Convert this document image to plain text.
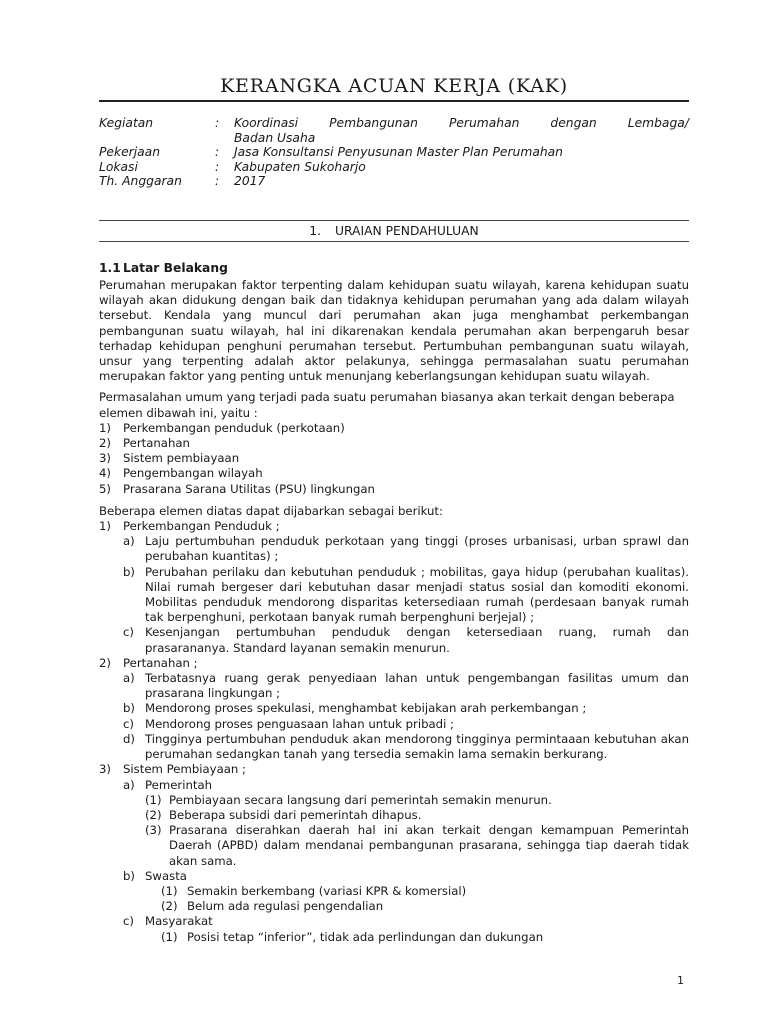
KERANGKA ACUAN KERJA (KAK)
Kegiatan	:	Koordinasi	Pembangunan	Perumahan	dengan	Lembaga/
Badan Usaha
Pekerjaan	:	Jasa Konsultansi Penyusunan Master Plan Perumahan
Lokasi	:	Kabupaten Sukoharjo
Th. Anggaran	:	2017
1. URAIAN PENDAHULUAN
1.1 Latar Belakang

Perumahan merupakan faktor terpenting dalam kehidupan suatu wilayah, karena kehidupan suatu wilayah akan didukung dengan baik dan tidaknya kehidupan perumahan yang ada dalam wilayah tersebut. Kendala yang muncul dari perumahan akan juga menghambat perkembangan pembangunan suatu wilayah, hal ini dikarenakan kendala perumahan akan berpengaruh besar terhadap kehidupan penghuni perumahan tersebut. Pertumbuhan pembangunan suatu wilayah, unsur yang terpenting adalah aktor pelakunya, sehingga permasalahan suatu perumahan merupakan faktor yang penting untuk menunjang keberlangsungan kehidupan suatu wilayah.

Permasalahan umum yang terjadi pada suatu perumahan biasanya akan terkait dengan beberapa elemen dibawah ini, yaitu :

1)	Perkembangan penduduk (perkotaan)
2)	Pertanahan
3)	Sistem pembiayaan
4)	Pengembangan wilayah
5)	Prasarana Sarana Utilitas (PSU) lingkungan

Beberapa elemen diatas dapat dijabarkan sebagai berikut:

1)	Perkembangan Penduduk ;
a) Laju pertumbuhan penduduk perkotaan yang tinggi (proses urbanisasi, urban sprawl dan perubahan kuantitas) ;
b) Perubahan perilaku dan kebutuhan penduduk ; mobilitas, gaya hidup (perubahan kualitas). Nilai rumah bergeser dari kebutuhan dasar menjadi status sosial dan komoditi ekonomi. Mobilitas penduduk mendorong disparitas ketersediaan rumah (perdesaan banyak rumah tak berpenghuni, perkotaan banyak rumah berpenghuni berjejal) ;
c) Kesenjangan pertumbuhan penduduk dengan ketersediaan ruang, rumah dan prasarananya. Standard layanan semakin menurun.
2)	Pertanahan ;
a) Terbatasnya ruang gerak penyediaan lahan untuk pengembangan fasilitas umum dan prasarana lingkungan ;
b) Mendorong proses spekulasi, menghambat kebijakan arah perkembangan ;
c) Mendorong proses penguasaan lahan untuk pribadi ;
d) Tingginya pertumbuhan penduduk akan mendorong tingginya permintaaan kebutuhan akan perumahan sedangkan tanah yang tersedia semakin lama semakin berkurang.
3)	Sistem Pembiayaan ;
a) Pemerintah
(1) Pembiayaan secara langsung dari pemerintah semakin menurun.
(2) Beberapa subsidi dari pemerintah dihapus.
(3) Prasarana diserahkan daerah hal ini akan terkait dengan kemampuan Pemerintah Daerah (APBD) dalam mendanai pembangunan prasarana, sehingga tiap daerah tidak akan sama.
b) Swasta
(1) Semakin berkembang (variasi KPR & komersial)
(2) Belum ada regulasi pengendalian
c) Masyarakat
(1) Posisi tetap “inferior”, tidak ada perlindungan dan dukungan
1
